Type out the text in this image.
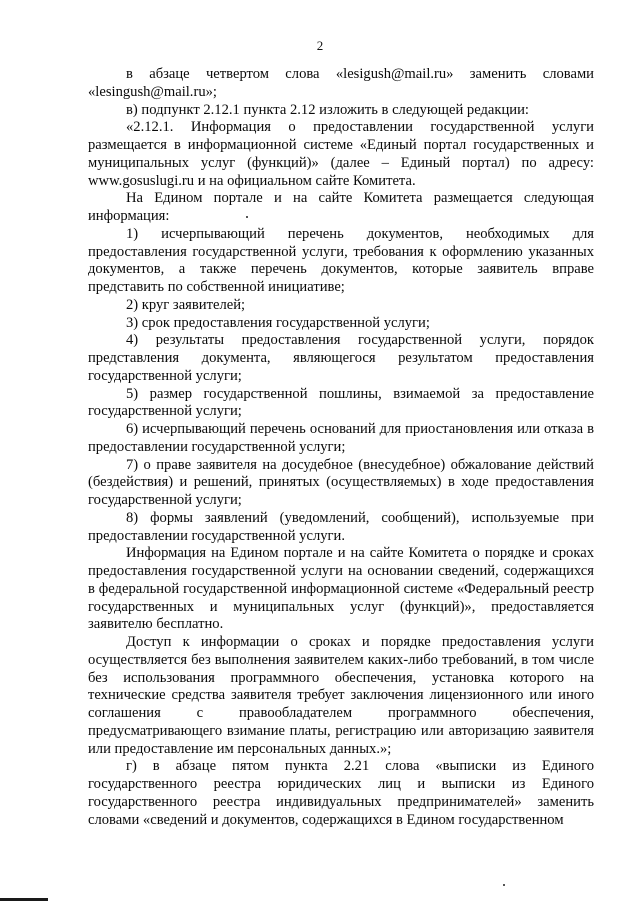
2

в абзаце четвертом слова «lesigush@mail.ru» заменить словами «lesingush@mail.ru»;

в) подпункт 2.12.1 пункта 2.12 изложить в следующей редакции:

«2.12.1. Информация о предоставлении государственной услуги размещается в информационной системе «Единый портал государственных и муниципальных услуг (функций)» (далее – Единый портал) по адресу: www.gosuslugi.ru и на официальном сайте Комитета.

На Едином портале и на сайте Комитета размещается следующая информация:

1) исчерпывающий перечень документов, необходимых для предоставления государственной услуги, требования к оформлению указанных документов, а также перечень документов, которые заявитель вправе представить по собственной инициативе;

2) круг заявителей;

3) срок предоставления государственной услуги;

4) результаты предоставления государственной услуги, порядок представления документа, являющегося результатом предоставления государственной услуги;

5) размер государственной пошлины, взимаемой за предоставление государственной услуги;

6) исчерпывающий перечень оснований для приостановления или отказа в предоставлении государственной услуги;

7) о праве заявителя на досудебное (внесудебное) обжалование действий (бездействия) и решений, принятых (осуществляемых) в ходе предоставления государственной услуги;

8) формы заявлений (уведомлений, сообщений), используемые при предоставлении государственной услуги.

Информация на Едином портале и на сайте Комитета о порядке и сроках предоставления государственной услуги на основании сведений, содержащихся в федеральной государственной информационной системе «Федеральный реестр государственных и муниципальных услуг (функций)», предоставляется заявителю бесплатно.

Доступ к информации о сроках и порядке предоставления услуги осуществляется без выполнения заявителем каких-либо требований, в том числе без использования программного обеспечения, установка которого на технические средства заявителя требует заключения лицензионного или иного соглашения с правообладателем программного обеспечения, предусматривающего взимание платы, регистрацию или авторизацию заявителя или предоставление им персональных данных.»;

г) в абзаце пятом пункта 2.21 слова «выписки из Единого государственного реестра юридических лиц и выписки из Единого государственного реестра индивидуальных предпринимателей» заменить словами «сведений и документов, содержащихся в Едином государственном
